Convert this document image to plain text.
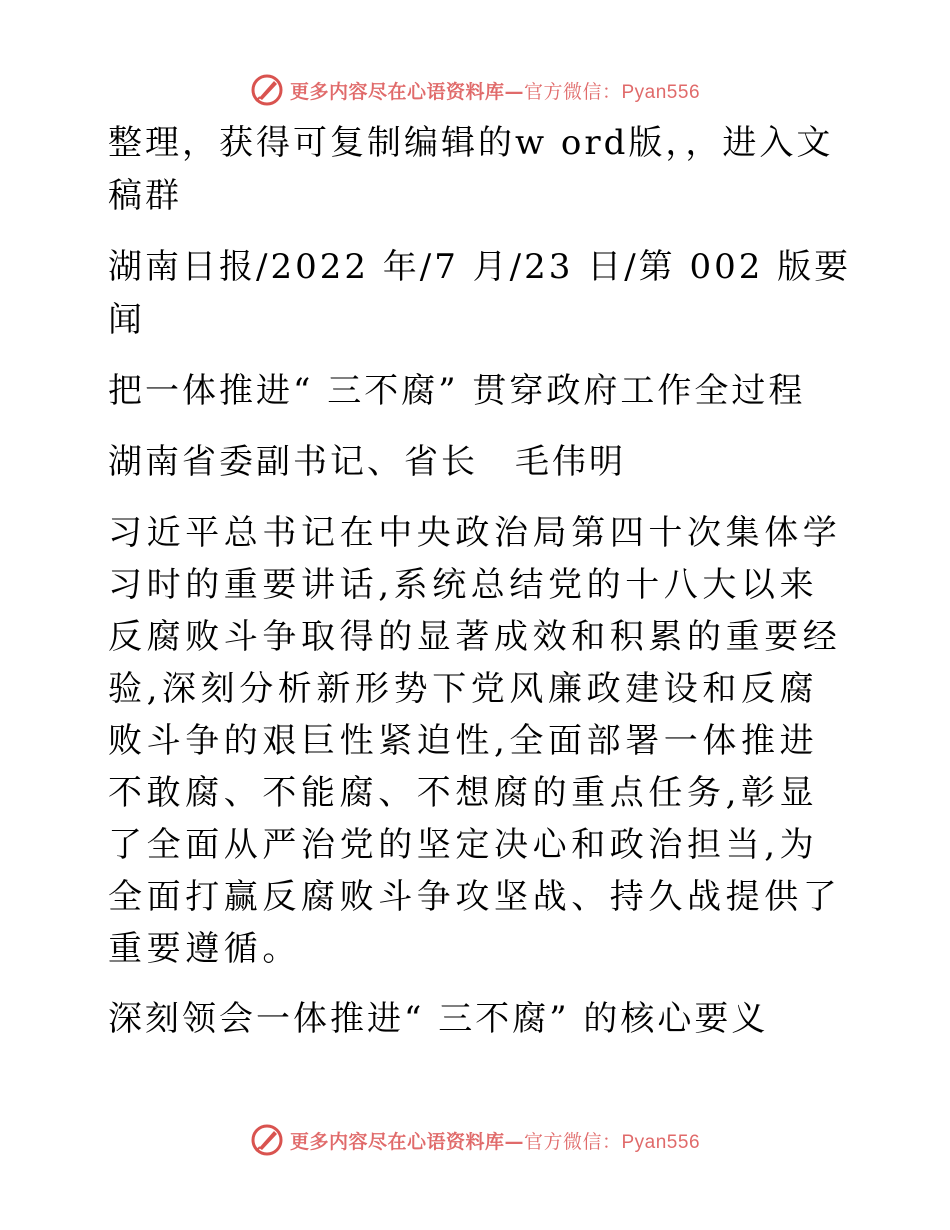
更多内容尽在心语资料库—官方微信：Pyan556

整理，获得可复制编辑的w ord版，，进入文稿群

湖南日报/2022 年/7 月/23 日/第 002 版要闻

把一体推进“ 三不腐” 贯穿政府工作全过程

湖南省委副书记、省长　毛伟明

习近平总书记在中央政治局第四十次集体学习时的重要讲话,系统总结党的十八大以来反腐败斗争取得的显著成效和积累的重要经验,深刻分析新形势下党风廉政建设和反腐败斗争的艰巨性紧迫性,全面部署一体推进不敢腐、不能腐、不想腐的重点任务,彰显了全面从严治党的坚定决心和政治担当,为全面打赢反腐败斗争攻坚战、持久战提供了重要遵循。

深刻领会一体推进“ 三不腐” 的核心要义

更多内容尽在心语资料库—官方微信：Pyan556
